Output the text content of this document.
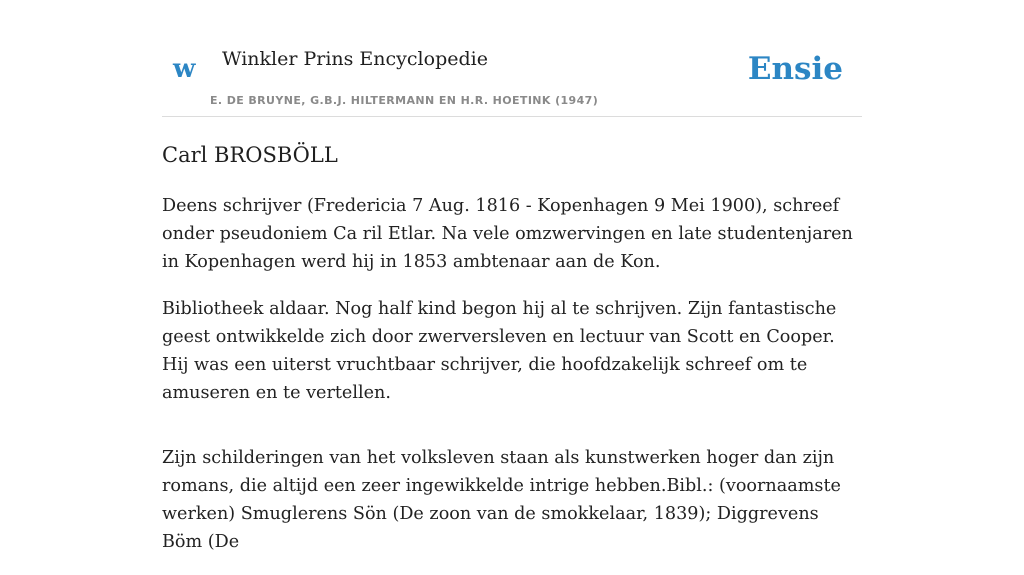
w Winkler Prins Encyclopedie
E. DE BRUYNE, G.B.J. HILTERMANN EN H.R. HOETINK (1947)
Ensie
Carl BROSBÖLL

Deens schrijver (Fredericia 7 Aug. 1816 - Kopenhagen 9 Mei 1900), schreef onder pseudoniem Ca ril Etlar. Na vele omzwervingen en late studentenjaren in Kopenhagen werd hij in 1853 ambtenaar aan de Kon.

Bibliotheek aldaar. Nog half kind begon hij al te schrijven. Zijn fantastische geest ontwikkelde zich door zwerversleven en lectuur van Scott en Cooper. Hij was een uiterst vruchtbaar schrijver, die hoofdzakelijk schreef om te amuseren en te vertellen.

Zijn schilderingen van het volksleven staan als kunstwerken hoger dan zijn romans, die altijd een zeer ingewikkelde intrige hebben.Bibl.: (voornaamste werken) Smuglerens Sön (De zoon van de smokkelaar, 1839); Diggrevens Böm (De
